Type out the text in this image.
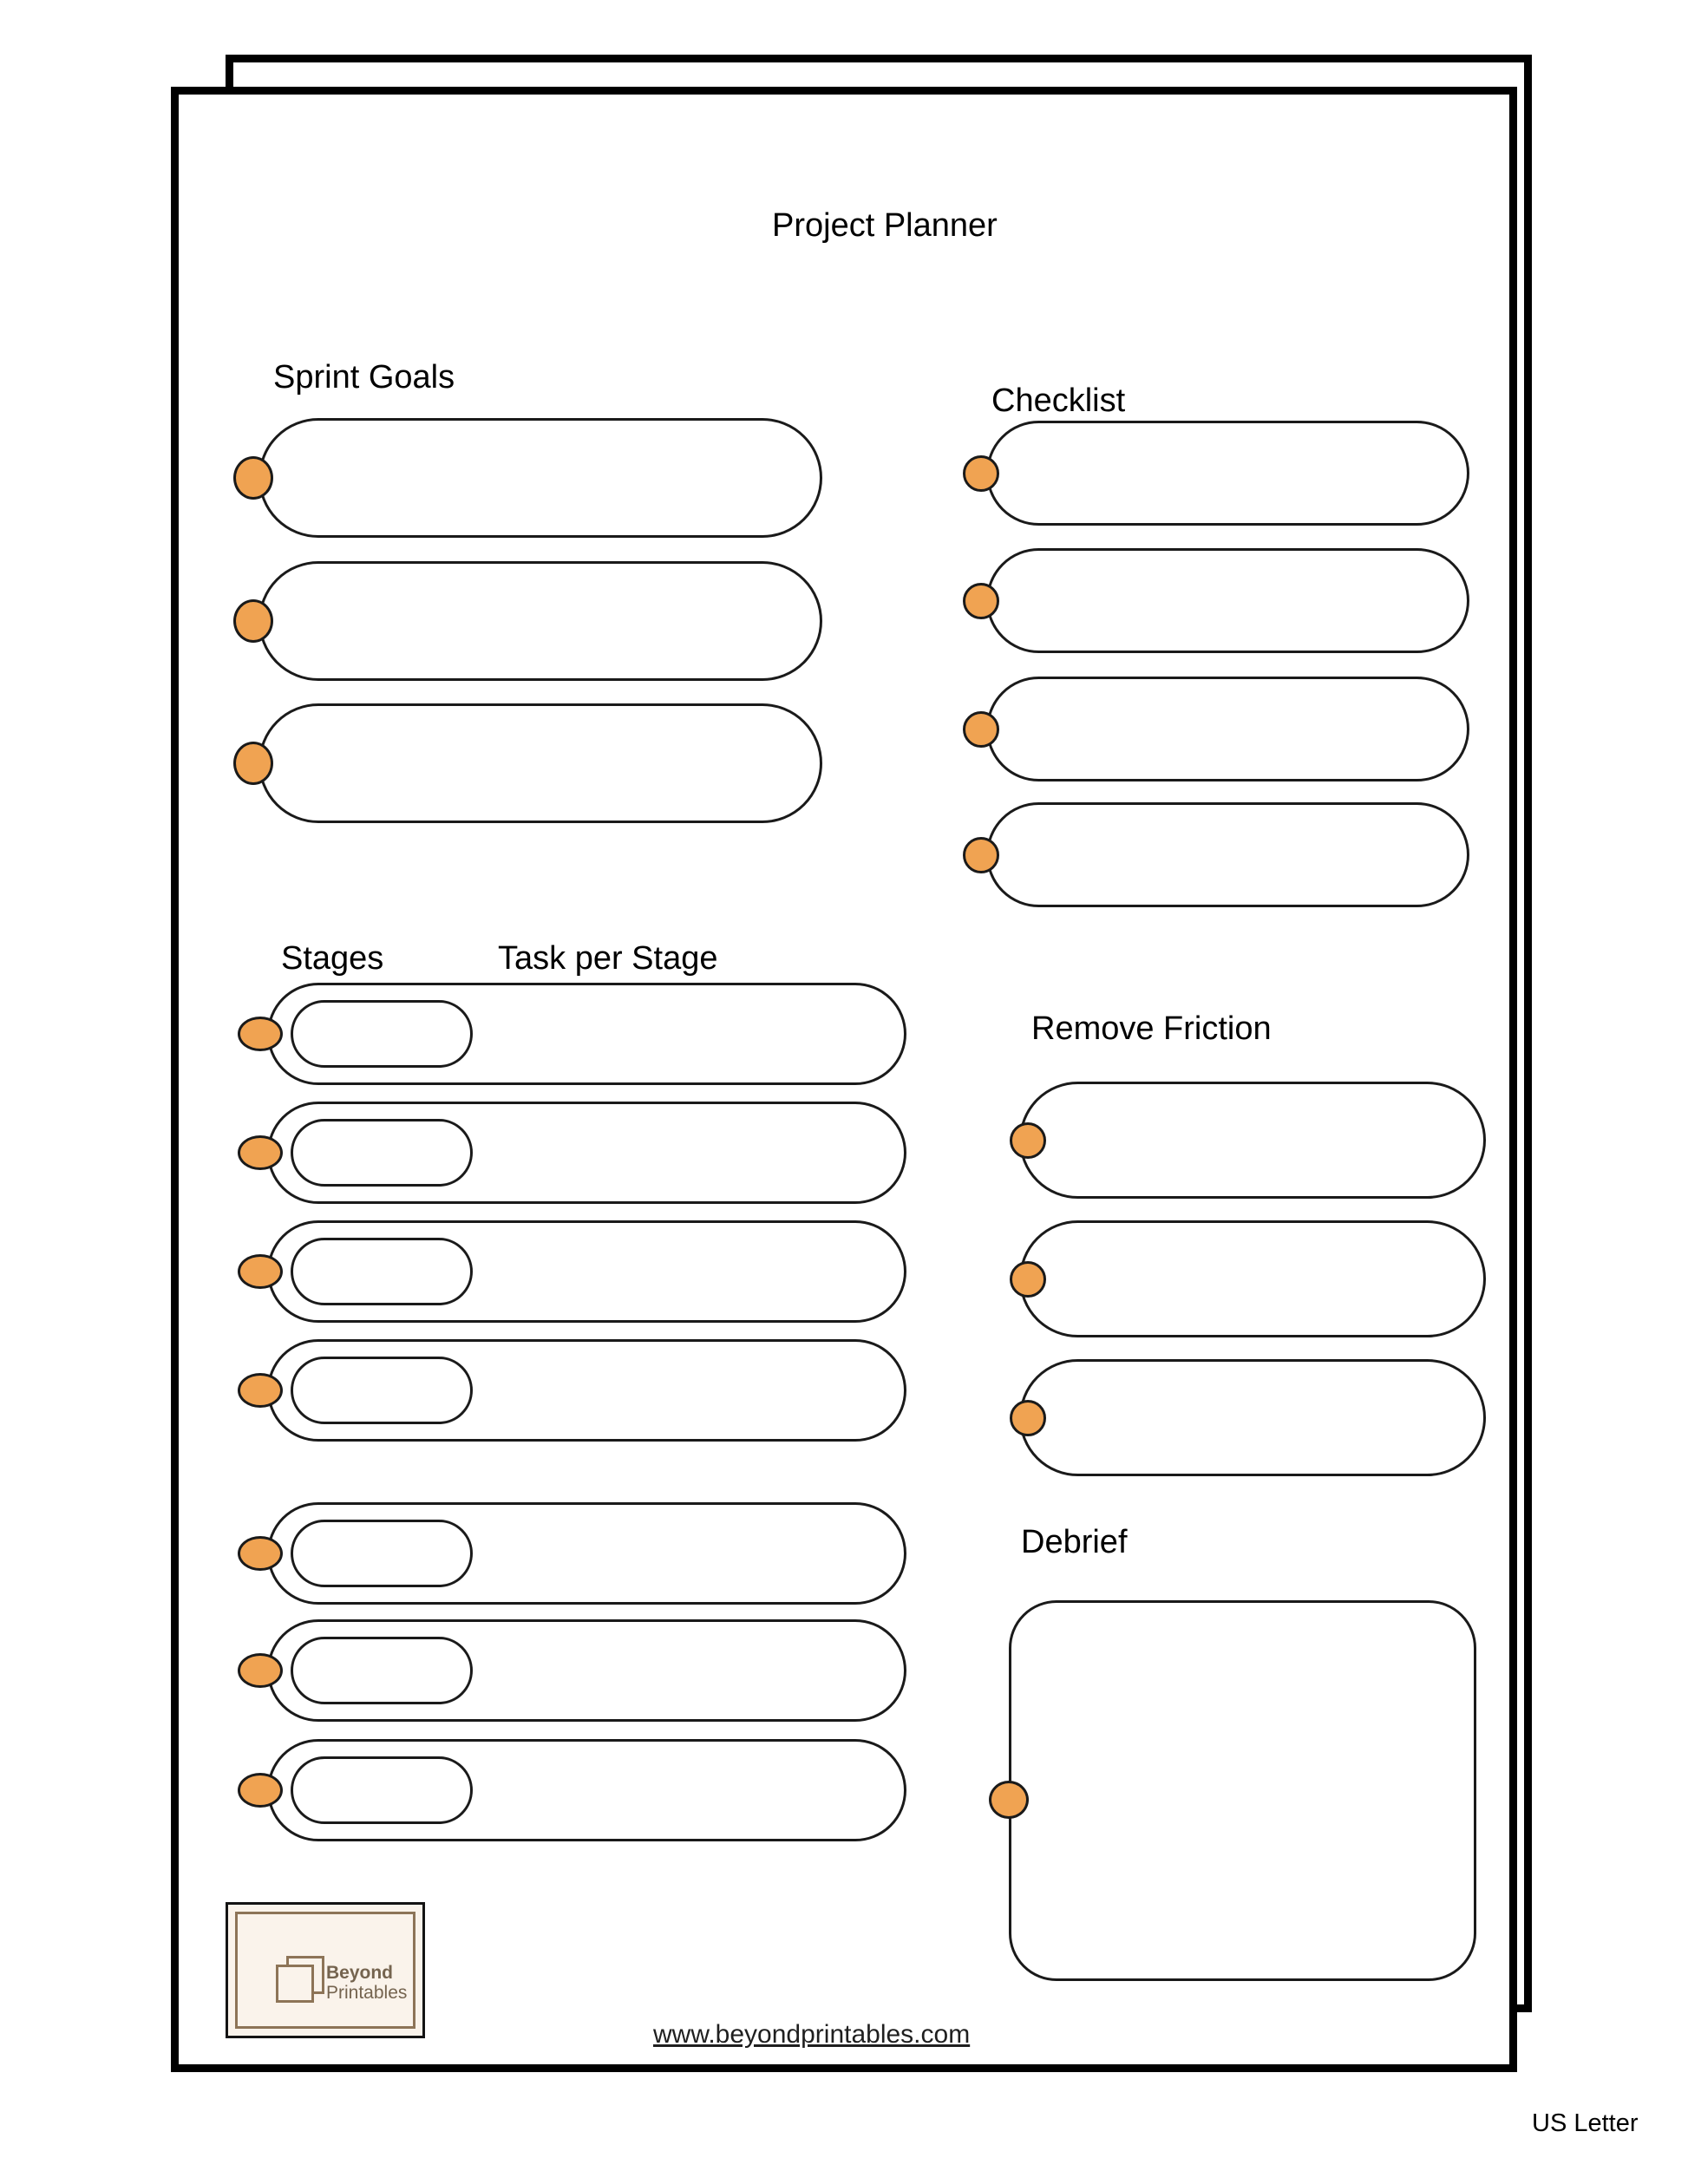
Project Planner
Sprint Goals
Checklist
Stages	Task per Stage
Remove Friction
Debrief
Beyond
Printables
www.beyondprintables.com
US Letter
